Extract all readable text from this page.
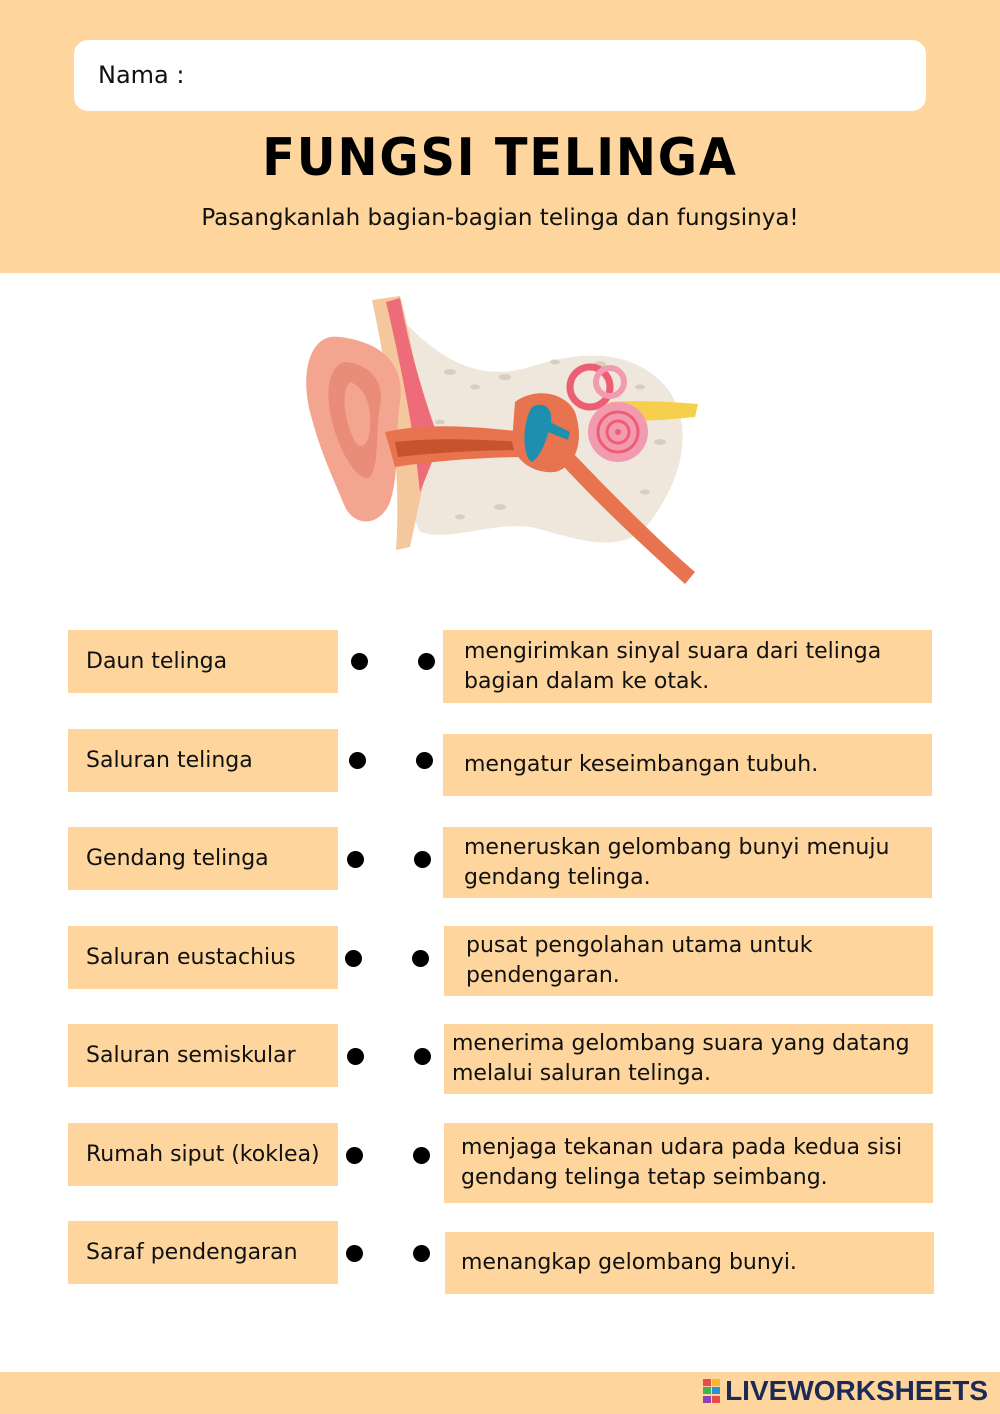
Nama :
FUNGSI TELINGA
Pasangkanlah bagian-bagian telinga dan fungsinya!
Daun telinga	mengirimkan sinyal suara dari telinga bagian dalam ke otak.
Saluran telinga	mengatur keseimbangan tubuh.
Gendang telinga	meneruskan gelombang bunyi menuju gendang telinga.
Saluran eustachius	pusat pengolahan utama untuk pendengaran.
Saluran semiskular	menerima gelombang suara yang datang melalui saluran telinga.
Rumah siput (koklea)	menjaga tekanan udara pada kedua sisi gendang telinga tetap seimbang.
Saraf pendengaran	menangkap gelombang bunyi.
LIVEWORKSHEETS
